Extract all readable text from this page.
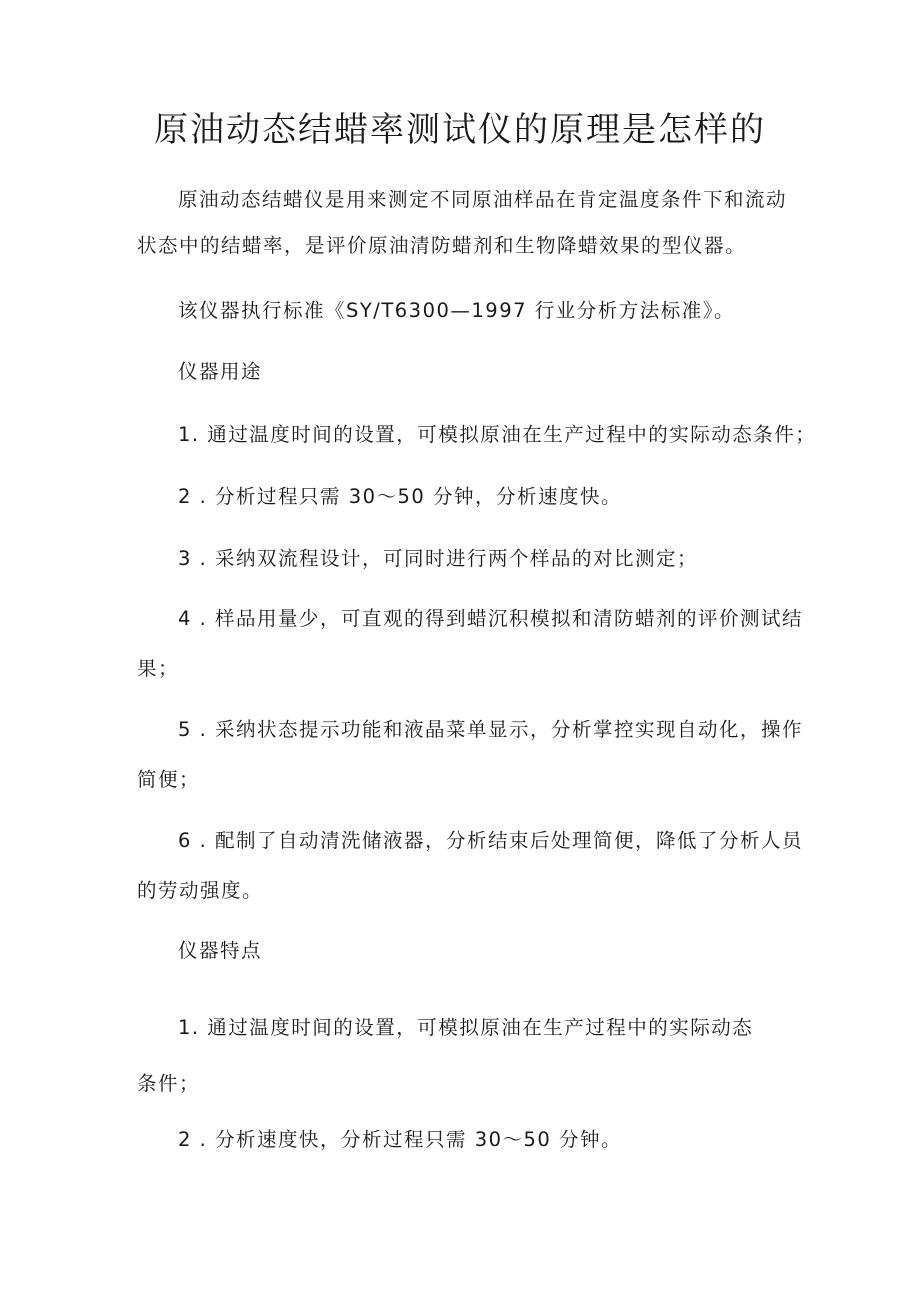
原油动态结蜡率测试仪的原理是怎样的
原油动态结蜡仪是用来测定不同原油样品在肯定温度条件下和流动
状态中的结蜡率，是评价原油清防蜡剂和生物降蜡效果的型仪器。
该仪器执行标准《SY/T6300—1997 行业分析方法标准》。
仪器用途
1. 通过温度时间的设置，可模拟原油在生产过程中的实际动态条件；
2 . 分析过程只需 30～50 分钟，分析速度快。
3 . 采纳双流程设计，可同时进行两个样品的对比测定；
4 . 样品用量少，可直观的得到蜡沉积模拟和清防蜡剂的评价测试结
果；
5 . 采纳状态提示功能和液晶菜单显示，分析掌控实现自动化，操作
简便；
6 . 配制了自动清洗储液器，分析结束后处理简便，降低了分析人员
的劳动强度。
仪器特点
1. 通过温度时间的设置，可模拟原油在生产过程中的实际动态
条件；
2 . 分析速度快，分析过程只需 30～50 分钟。
